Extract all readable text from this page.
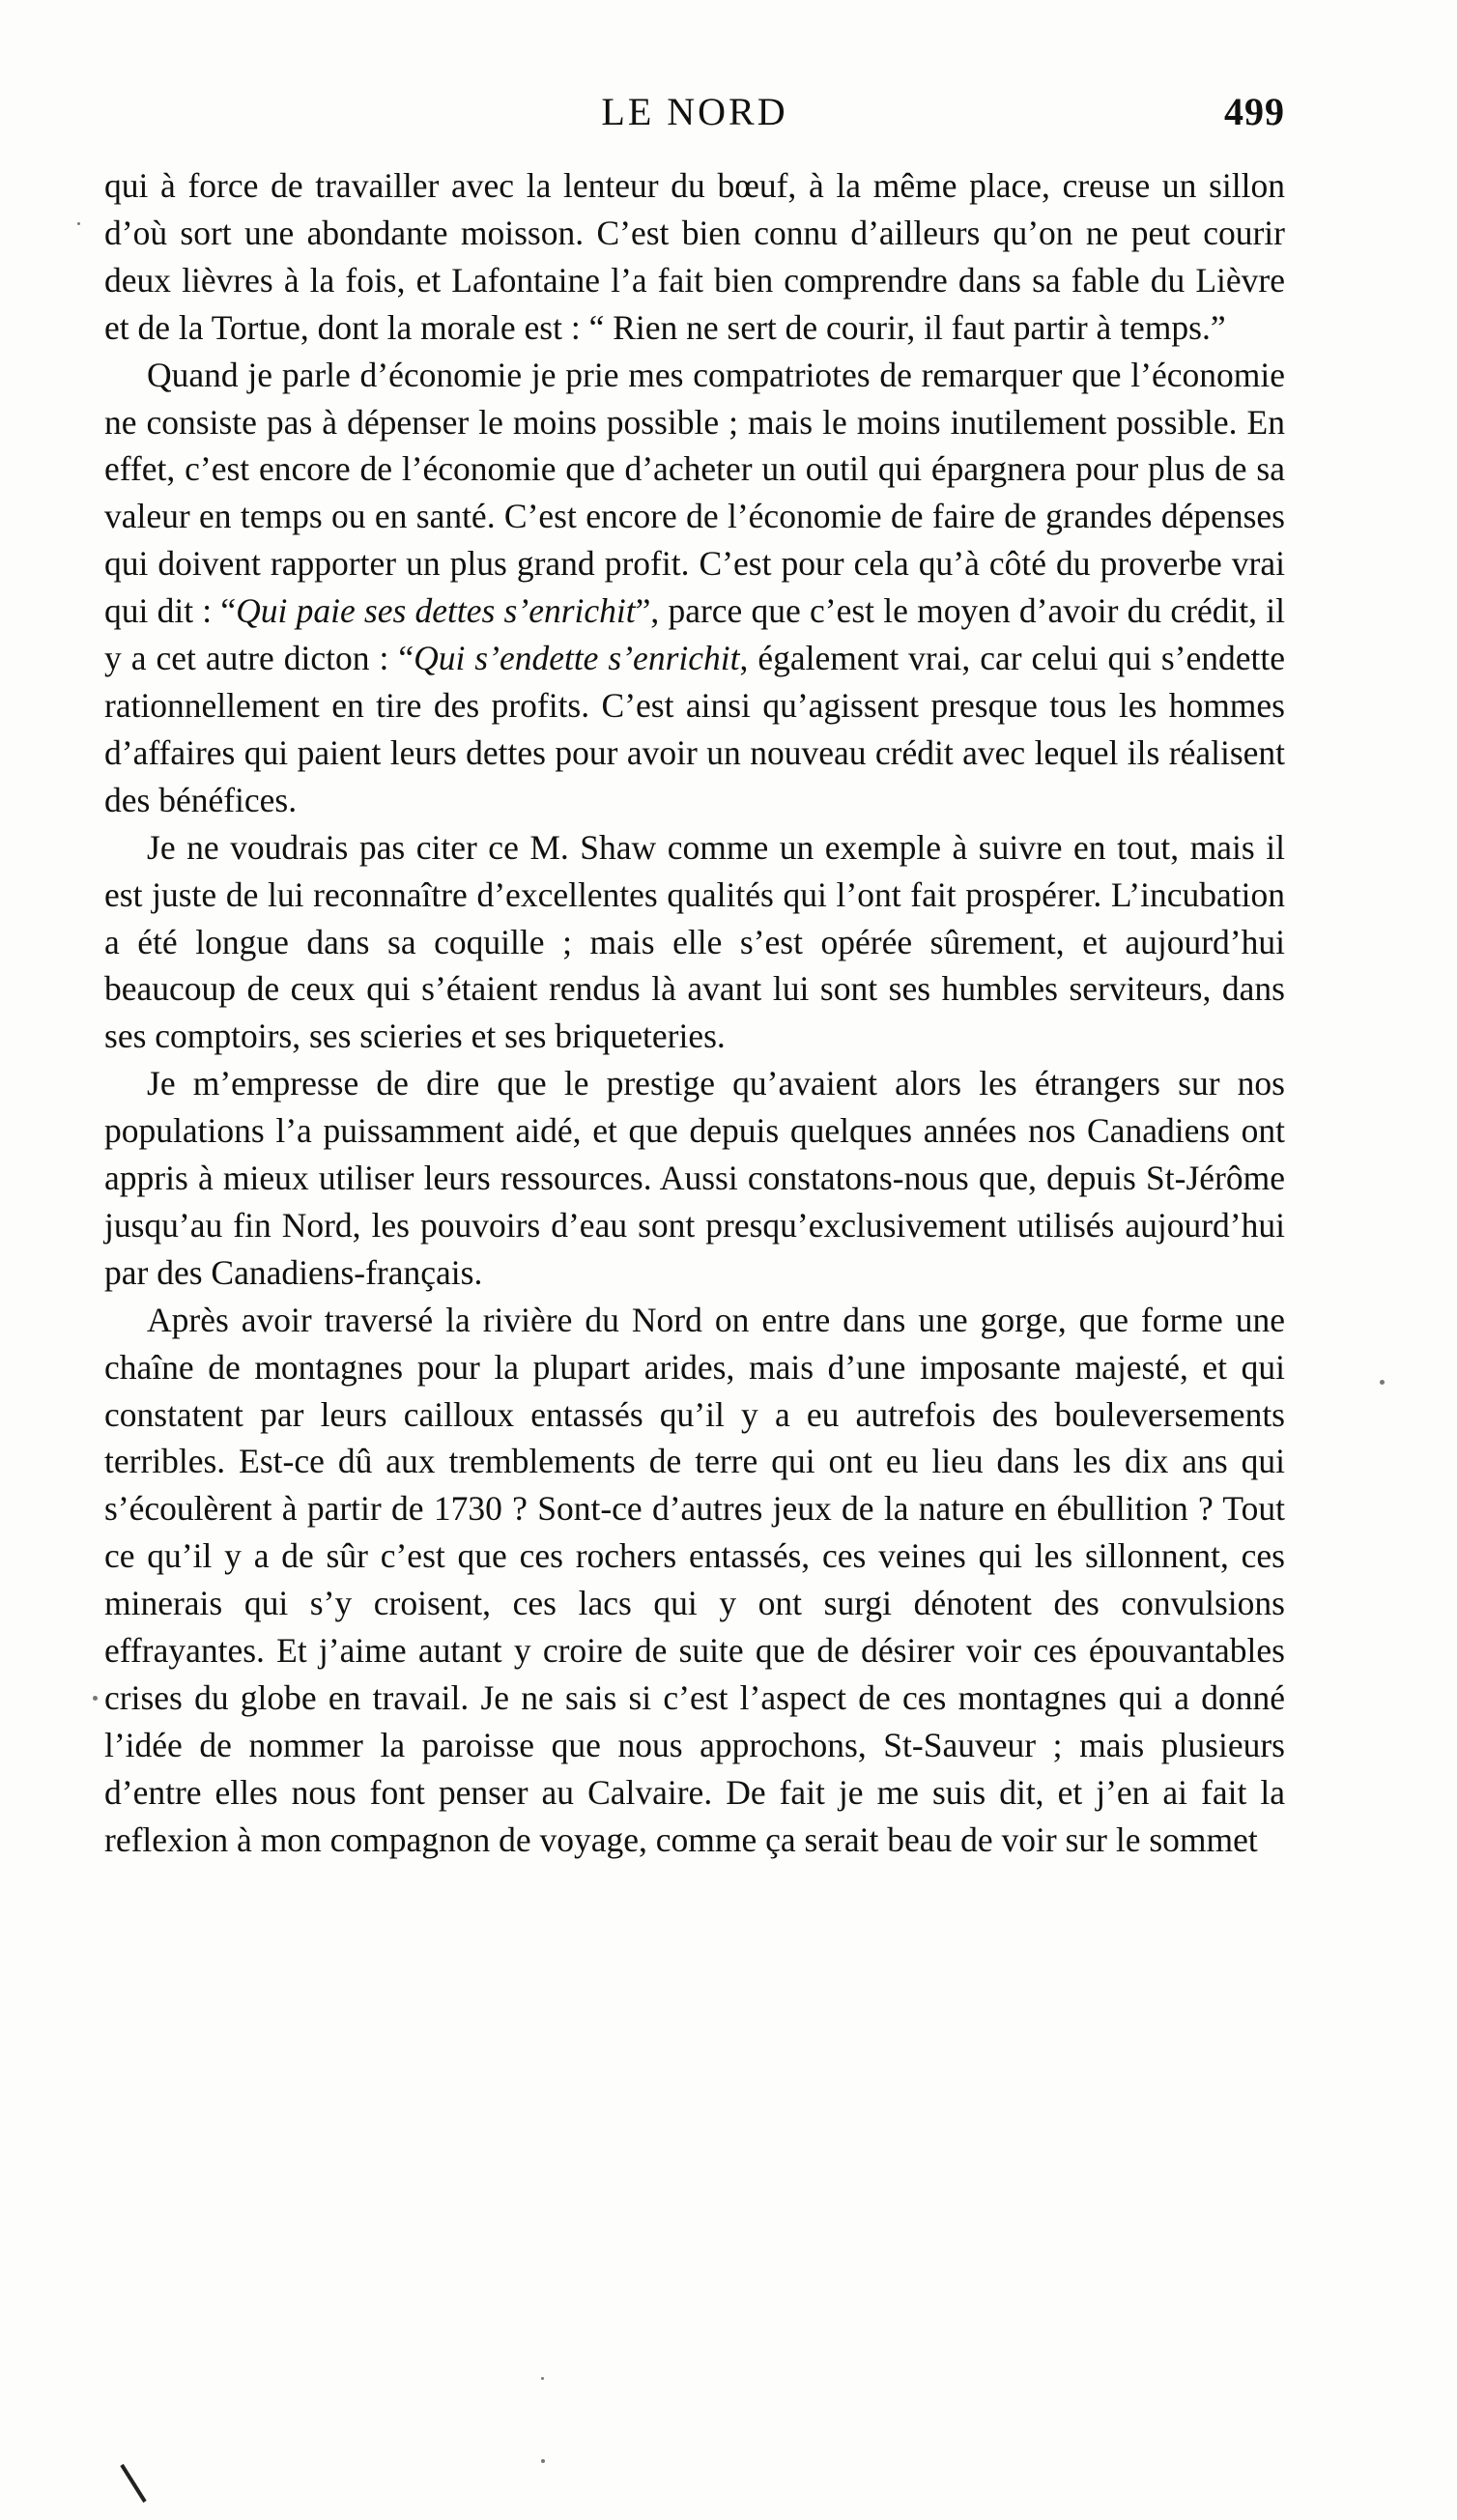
LE NORD	499

qui à force de travailler avec la lenteur du bœuf, à la même place, creuse un sillon d’où sort une abondante moisson. C’est bien connu d’ailleurs qu’on ne peut courir deux lièvres à la fois, et Lafontaine l’a fait bien comprendre dans sa fable du Lièvre et de la Tortue, dont la morale est : “ Rien ne sert de courir, il faut partir à temps.”

Quand je parle d’économie je prie mes compatriotes de remarquer que l’économie ne consiste pas à dépenser le moins possible ; mais le moins inutilement possible. En effet, c’est encore de l’économie que d’acheter un outil qui épargnera pour plus de sa valeur en temps ou en santé. C’est encore de l’économie de faire de grandes dépenses qui doivent rapporter un plus grand profit. C’est pour cela qu’à côté du proverbe vrai qui dit : “Qui paie ses dettes s’enrichit”, parce que c’est le moyen d’avoir du crédit, il y a cet autre dicton : “Qui s’endette s’enrichit, également vrai, car celui qui s’endette rationnellement en tire des profits. C’est ainsi qu’agissent presque tous les hommes d’affaires qui paient leurs dettes pour avoir un nouveau crédit avec lequel ils réalisent des bénéfices.

Je ne voudrais pas citer ce M. Shaw comme un exemple à suivre en tout, mais il est juste de lui reconnaître d’excellentes qualités qui l’ont fait prospérer. L’incubation a été longue dans sa coquille ; mais elle s’est opérée sûrement, et aujourd’hui beaucoup de ceux qui s’étaient rendus là avant lui sont ses humbles serviteurs, dans ses comptoirs, ses scieries et ses briqueteries.

Je m’empresse de dire que le prestige qu’avaient alors les étrangers sur nos populations l’a puissamment aidé, et que depuis quelques années nos Canadiens ont appris à mieux utiliser leurs ressources. Aussi constatons-nous que, depuis St-Jérôme jusqu’au fin Nord, les pouvoirs d’eau sont presqu’exclusivement utilisés aujourd’hui par des Canadiens-français.

Après avoir traversé la rivière du Nord on entre dans une gorge, que forme une chaîne de montagnes pour la plupart arides, mais d’une imposante majesté, et qui constatent par leurs cailloux entassés qu’il y a eu autrefois des bouleversements terribles. Est-ce dû aux tremblements de terre qui ont eu lieu dans les dix ans qui s’écoulèrent à partir de 1730 ? Sont-ce d’autres jeux de la nature en ébullition ? Tout ce qu’il y a de sûr c’est que ces rochers entassés, ces veines qui les sillonnent, ces minerais qui s’y croisent, ces lacs qui y ont surgi dénotent des convulsions effrayantes. Et j’aime autant y croire de suite que de désirer voir ces épouvantables crises du globe en travail. Je ne sais si c’est l’aspect de ces montagnes qui a donné l’idée de nommer la paroisse que nous approchons, St-Sauveur ; mais plusieurs d’entre elles nous font penser au Calvaire. De fait je me suis dit, et j’en ai fait la reflexion à mon compagnon de voyage, comme ça serait beau de voir sur le sommet
